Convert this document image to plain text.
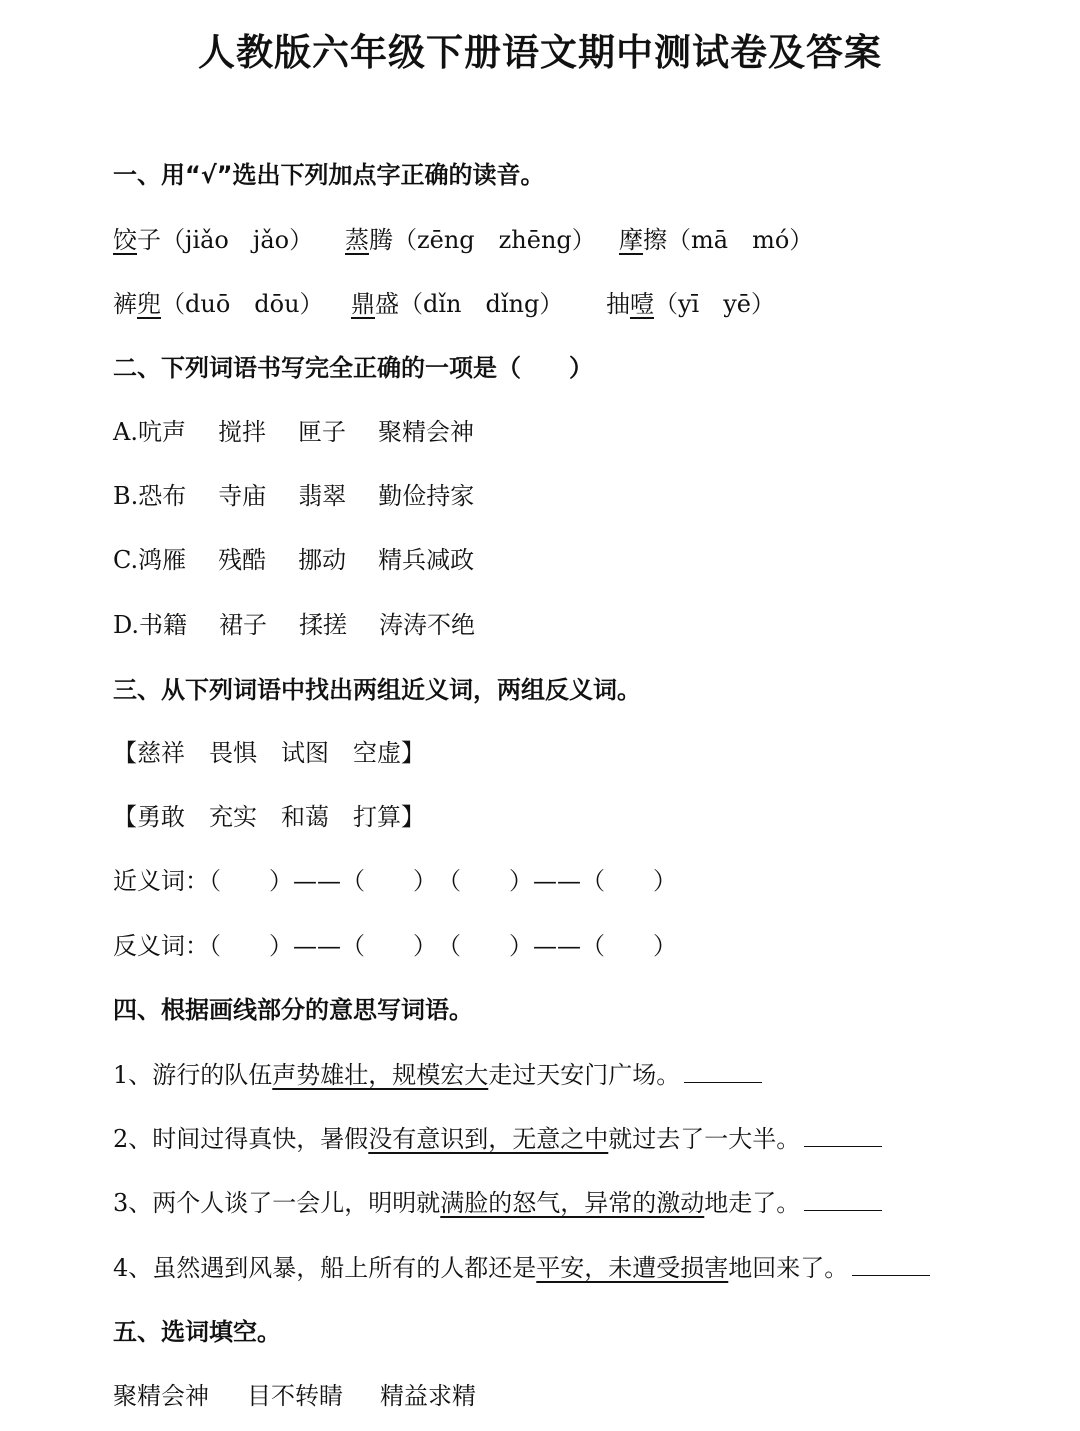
人教版六年级下册语文期中测试卷及答案
一、用“√”选出下列加点字正确的读音。
饺子（jiǎo　jǎo） 蒸腾（zēng　zhēng） 摩擦（mā　mó）
裤兜（duō　dōu） 鼎盛（dǐn　dǐng） 抽噎（yī　yē）
二、下列词语书写完全正确的一项是（　　）
A.吭声 搅拌 匣子 聚精会神
B.恐布 寺庙 翡翠 勤俭持家
C.鸿雁 残酷 挪动 精兵减政
D.书籍 裙子 揉搓 涛涛不绝
三、从下列词语中找出两组近义词，两组反义词。
【慈祥　畏惧　试图　空虚】
【勇敢　充实　和蔼　打算】
近义词：（　　）——（　　）　（　　）——（　　）
反义词：（　　）——（　　）　（　　）——（　　）
四、根据画线部分的意思写词语。
1、游行的队伍声势雄壮，规模宏大走过天安门广场。
2、时间过得真快，暑假没有意识到，无意之中就过去了一大半。
3、两个人谈了一会儿，明明就满脸的怒气，异常的激动地走了。
4、虽然遇到风暴，船上所有的人都还是平安，未遭受损害地回来了。
五、选词填空。
聚精会神 目不转睛 精益求精
